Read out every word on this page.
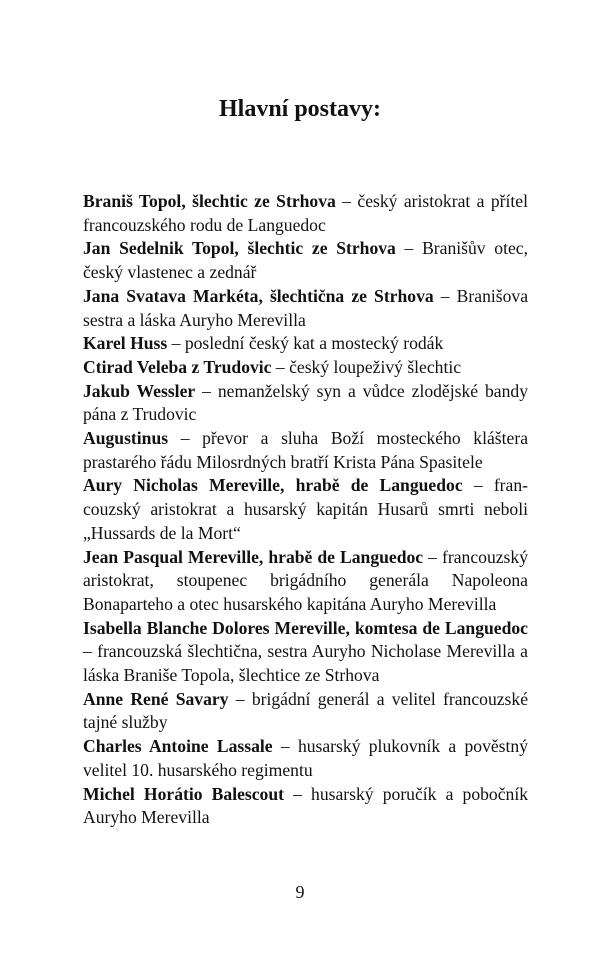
Hlavní postavy:

Braniš Topol, šlechtic ze Strhova – český aristokrat a přítel francouzského rodu de Languedoc

Jan Sedelnik Topol, šlechtic ze Strhova – Branišův otec, český vlastenec a zednář

Jana Svatava Markéta, šlechtična ze Strhova – Branišova sestra a láska Auryho Merevilla

Karel Huss – poslední český kat a mostecký rodák

Ctirad Veleba z Trudovic – český loupeživý šlechtic

Jakub Wessler – nemanželský syn a vůdce zlodějské bandy pána z Trudovic

Augustinus – převor a sluha Boží mosteckého kláštera prastarého řádu Milosrdných bratří Krista Pána Spasitele

Aury Nicholas Mereville, hrabě de Languedoc – francouzský aristokrat a husarský kapitán Husarů smrti neboli „Hussards de la Mort“

Jean Pasqual Mereville, hrabě de Languedoc – francouzský aristokrat, stoupenec brigádního generála Napoleona Bonaparteho a otec husarského kapitána Auryho Merevilla

Isabella Blanche Dolores Mereville, komtesa de Languedoc – francouzská šlechtična, sestra Auryho Nicholase Merevilla a láska Braniše Topola, šlechtice ze Strhova

Anne René Savary – brigádní generál a velitel francouzské tajné služby

Charles Antoine Lassale – husarský plukovník a pověstný velitel 10. husarského regimentu

Michel Horátio Balescout – husarský poručík a pobočník Auryho Merevilla

9
